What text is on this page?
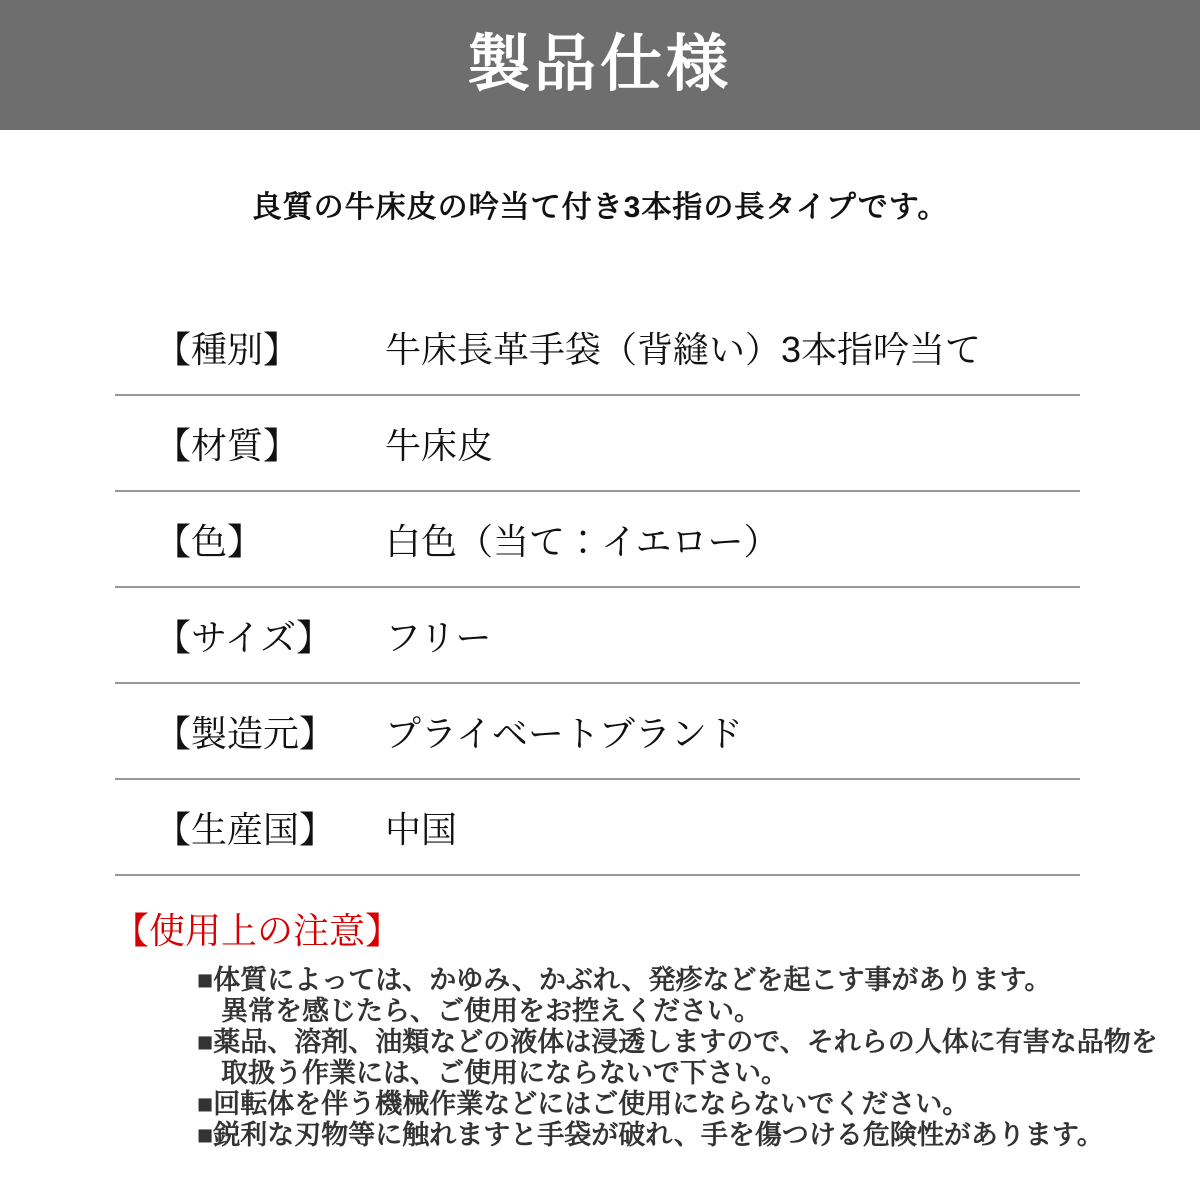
製品仕様
良質の牛床皮の吟当て付き3本指の長タイプです。
【種別】	牛床長革手袋（背縫い）3本指吟当て
【材質】	牛床皮
【色】	白色（当て：イエロー）
【サイズ】	フリー
【製造元】	プライベートブランド
【生産国】	中国
【使用上の注意】
■体質によっては、かゆみ、かぶれ、発疹などを起こす事があります。
異常を感じたら、ご使用をお控えください。
■薬品、溶剤、油類などの液体は浸透しますので、それらの人体に有害な品物を
取扱う作業には、ご使用にならないで下さい。
■回転体を伴う機械作業などにはご使用にならないでください。
■鋭利な刃物等に触れますと手袋が破れ、手を傷つける危険性があります。
